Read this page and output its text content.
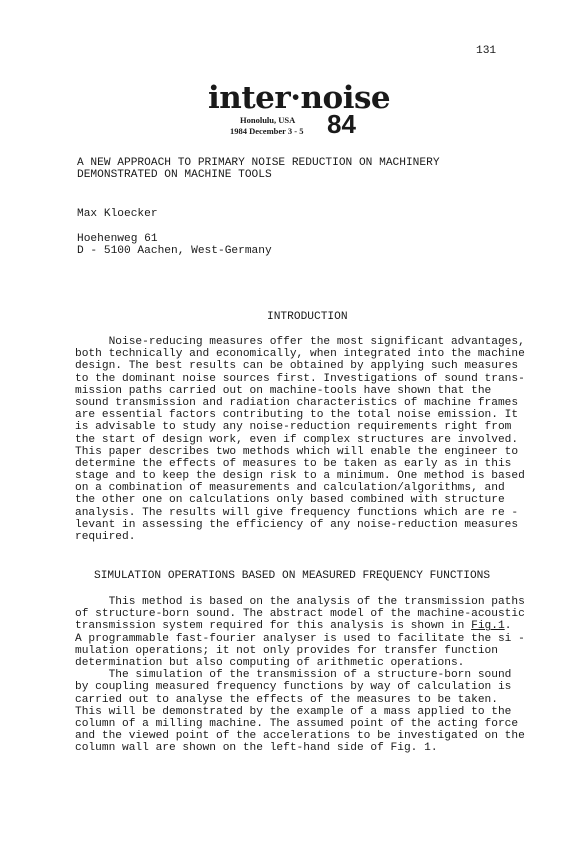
131
inter·noise
Honolulu, USA
1984 December 3 - 5 84
A NEW APPROACH TO PRIMARY NOISE REDUCTION ON MACHINERY
DEMONSTRATED ON MACHINE TOOLS
Max Kloecker
Hoehenweg 61
D - 5100 Aachen, West-Germany
INTRODUCTION
Noise-reducing measures offer the most significant advantages,
both technically and economically, when integrated into the machine
design. The best results can be obtained by applying such measures
to the dominant noise sources first. Investigations of sound trans-
mission paths carried out on machine-tools have shown that the
sound transmission and radiation characteristics of machine frames
are essential factors contributing to the total noise emission. It
is advisable to study any noise-reduction requirements right from
the start of design work, even if complex structures are involved.
This paper describes two methods which will enable the engineer to
determine the effects of measures to be taken as early as in this
stage and to keep the design risk to a minimum. One method is based
on a combination of measurements and calculation/algorithms, and
the other one on calculations only based combined with structure
analysis. The results will give frequency functions which are re -
levant in assessing the efficiency of any noise-reduction measures
required.
SIMULATION OPERATIONS BASED ON MEASURED FREQUENCY FUNCTIONS
This method is based on the analysis of the transmission paths
of structure-born sound. The abstract model of the machine-acoustic
transmission system required for this analysis is shown in Fig.1.
A programmable fast-fourier analyser is used to facilitate the si -
mulation operations; it not only provides for transfer function
determination but also computing of arithmetic operations.
The simulation of the transmission of a structure-born sound
by coupling measured frequency functions by way of calculation is
carried out to analyse the effects of the measures to be taken.
This will be demonstrated by the example of a mass applied to the
column of a milling machine. The assumed point of the acting force
and the viewed point of the accelerations to be investigated on the
column wall are shown on the left-hand side of Fig. 1.
